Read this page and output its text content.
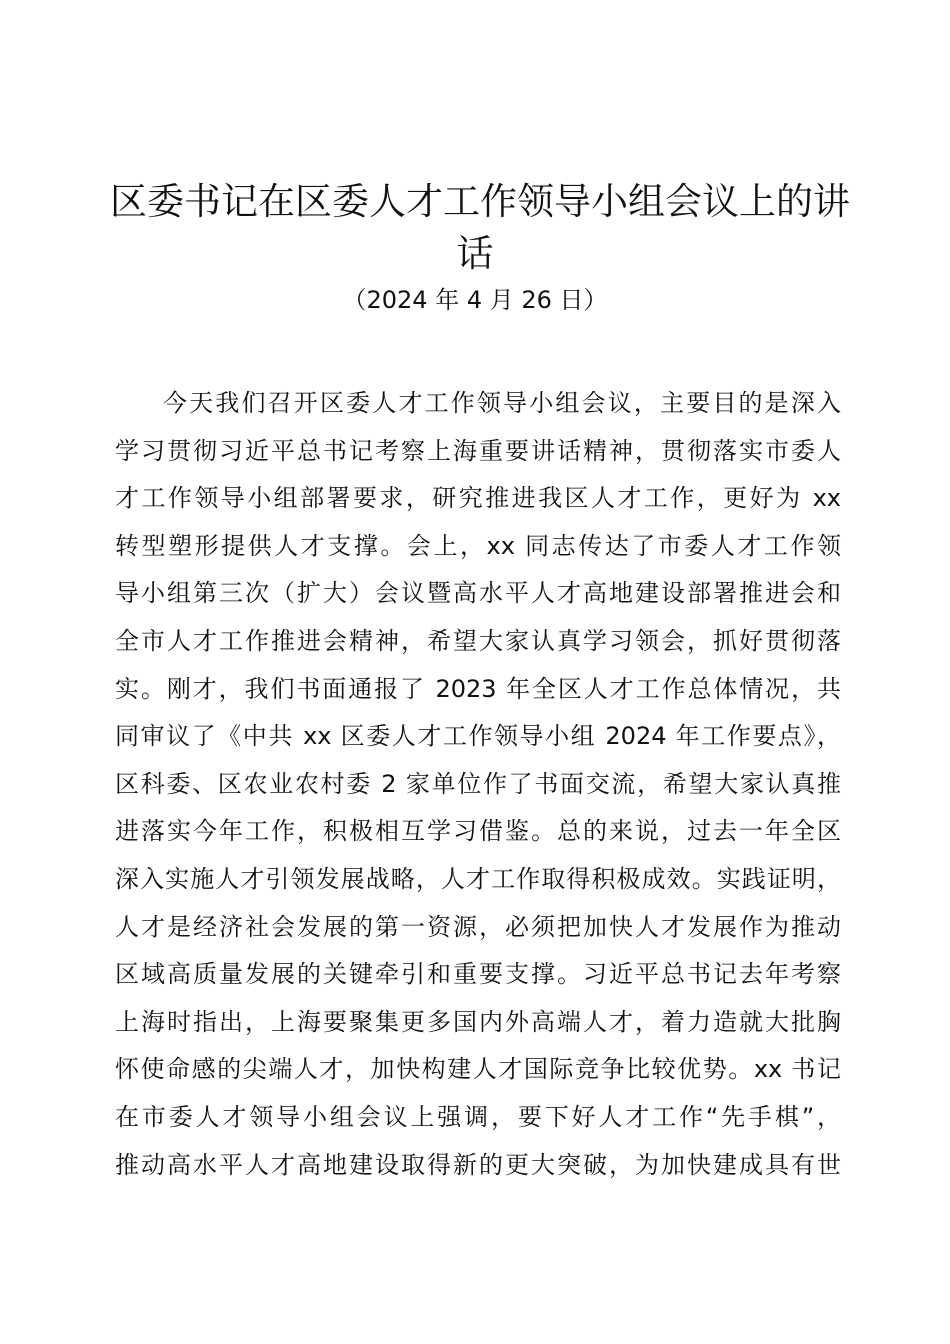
区委书记在区委人才工作领导小组会议上的讲
话
（2024 年 4 月 26 日）
今天我们召开区委人才工作领导小组会议，主要目的是深入
学习贯彻习近平总书记考察上海重要讲话精神，贯彻落实市委人
才工作领导小组部署要求，研究推进我区人才工作，更好为 xx
转型塑形提供人才支撑。会上，xx 同志传达了市委人才工作领
导小组第三次（扩大）会议暨高水平人才高地建设部署推进会和
全市人才工作推进会精神，希望大家认真学习领会，抓好贯彻落
实。刚才，我们书面通报了 2023 年全区人才工作总体情况，共
同审议了《中共 xx 区委人才工作领导小组 2024 年工作要点》，
区科委、区农业农村委 2 家单位作了书面交流，希望大家认真推
进落实今年工作，积极相互学习借鉴。总的来说，过去一年全区
深入实施人才引领发展战略，人才工作取得积极成效。实践证明，
人才是经济社会发展的第一资源，必须把加快人才发展作为推动
区域高质量发展的关键牵引和重要支撑。习近平总书记去年考察
上海时指出，上海要聚集更多国内外高端人才，着力造就大批胸
怀使命感的尖端人才，加快构建人才国际竞争比较优势。xx 书记
在市委人才领导小组会议上强调，要下好人才工作“先手棋”，
推动高水平人才高地建设取得新的更大突破，为加快建成具有世
